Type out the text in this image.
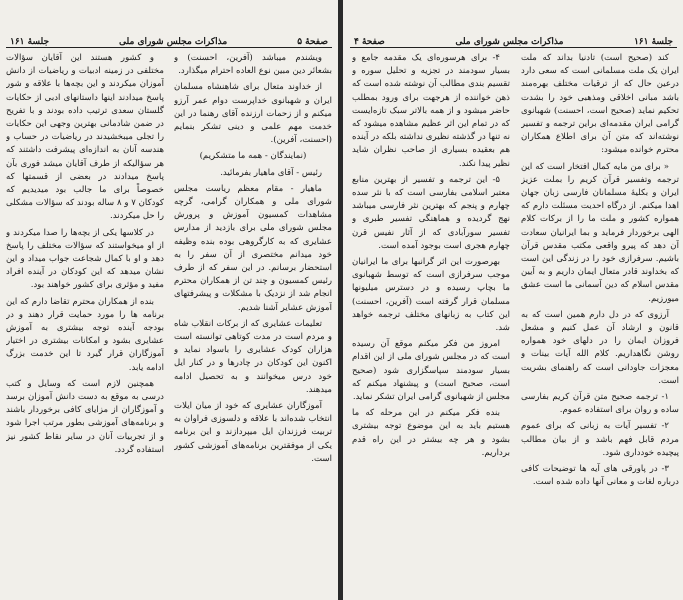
صفحهٔ ۵
مذاکرات مجلس شورای ملی
جلسهٔ ۱۶۱

ویشندم میباشد (آفرین، احسنت) و بشعائر دین مبین نوع العاده احترام میگذارد.

از خداوند متعال برای شاهنشاه مسلمان ایران و شهبانوی خداپرست دوام عمر آرزو میکنم و از زحمات ارزنده آقای رهنما در این خدمت مهم علمی و دینی تشکر بنمایم (احسنت، آفرین).

(نمایندگان - همه ما متشکریم)

رئیس - آقای ماهیار بفرمائید.

ماهیار - مقام معظم ریاست مجلس شورای ملی و همکاران گرامی، گرچه مشاهدات کمسیون آموزش و پرورش مجلس شورای ملی برای بازدید از مدارس عشایری که به کارگروهی بوده بنده وظیفه خود میدانم مختصری از آن سفر را به استحضار برسانم. در این سفر که از طرف رئیس کمسیون و چند تن از همکاران محترم انجام شد از نزدیک با مشکلات و پیشرفتهای آموزش عشایر آشنا شدیم.

تعلیمات عشایری که از برکات انقلاب شاه و مردم است در مدت کوتاهی توانسته است هزاران کودک عشایری را باسواد نماید و اکنون این کودکان در چادرها و در کنار ایل خود درس میخوانند و به تحصیل ادامه میدهند.

آموزگاران عشایری که خود از میان ایلات انتخاب شده‌اند با علاقه و دلسوزی فراوان به تربیت فرزندان ایل میپردازند و این برنامه یکی از موفقترین برنامه‌های آموزشی کشور است.

و کشور هستند این آقایان سؤالات مختلفی در زمینه ادبیات و ریاضیات از دانش آموزان میکردند و این بچه‌ها با علاقه و شور پاسخ میدادند اینها داستانهای ادبی از حکایات گلستان سعدی ترتیب داده بودند و با تفریح در ضمن شادمانی بهترین وجهی این حکایات را تجلی میبخشیدند در ریاضیات در حساب و هندسه آنان به اندازه‌ای پیشرفت داشتند که هر سؤالیکه از طرف آقایان میشد فوری بآن پاسخ میدادند در بعضی از قسمتها که خصوصاً برای ما جالب بود میدیدیم که کودکان ۷ و ۸ ساله بودند که سؤالات مشکلی را حل میکردند.

در کلاسها یکی از بچه‌ها را صدا میکردند و از او میخواستند که سؤالات مختلف را پاسخ دهد و او با کمال شجاعت جواب میداد و این نشان میدهد که این کودکان در آینده افراد مفید و مؤثری برای کشور خواهند بود.

بنده از همکاران محترم تقاضا دارم که این برنامه ها را مورد حمایت قرار دهند و در بودجه آینده توجه بیشتری به آموزش عشایری بشود و امکانات بیشتری در اختیار آموزگاران قرار گیرد تا این خدمت بزرگ ادامه یابد.

همچنین لازم است که وسایل و کتب درسی به موقع به دست دانش آموزان برسد و آموزگاران از مزایای کافی برخوردار باشند و برنامه‌های آموزشی بطور مرتب اجرا شود و از تجربیات آنان در سایر نقاط کشور نیز استفاده گردد.

جلسهٔ ۱۶۱
مذاکرات مجلس شورای ملی
صفحهٔ ۴

کند (صحیح است) تادنیا بداند که ملت ایران یک ملت مسلمانی است که سعی دارد درعین حال که از ترقیات مختلف بهره‌مند باشد مبانی اخلاقی ومذهبی خود را بشدت تحکیم نماید (صحیح است، احسنت) شهبانوی گرامی ایران مقدمه‌ای براین ترجمه و تفسیر نوشته‌اند که متن آن برای اطلاع همکاران محترم خوانده میشود:

« برای من مایه کمال افتخار است که این ترجمه وتفسیر قرآن کریم را بملت عزیز ایران و بکلیهٔ مسلمانان فارسی زبان جهان اهدا میکنم. از درگاه احدیت مسئلت دارم که همواره کشور و ملت ما را از برکات کلام الهی برخوردار فرماید و بما ایرانیان سعادت آن دهد که پیرو واقعی مکتب مقدس قرآن باشیم. سرفرازی خود را در زندگی این است که بخداوند قادر متعال ایمان داریم و به آیین مقدس اسلام که دین آسمانی ما است عشق میورزیم.

آرزوی که در دل دارم همین است که به قانون و ارشاد آن عمل کنیم و مشعل فروزان ایمان را در دلهای خود همواره روشن نگاهداریم. کلام الله آیات بینات و معجزات جاودانی است که راهنمای بشریت است.

۱- ترجمه صحیح متن قرآن کریم بفارسی ساده و روان برای استفاده عموم.

۲- تفسیر آیات به زبانی که برای عموم مردم قابل فهم باشد و از بیان مطالب پیچیده خودداری شود.

۳- در پاورقی های آیه ها توضیحات کافی درباره لغات و معانی آنها داده شده است.

۴- برای هرسوره‌ای یک مقدمه جامع و بسیار سودمند در تجزیه و تحلیل سوره و تقسیم بندی مطالب آن نوشته شده است که ذهن خواننده از هرجهت برای ورود بمطلب حاضر میشود و از همه بالاتر سبک تازه‌ایست که در تمام این اثر عظیم مشاهده میشود که نه تنها در گذشته نظیری نداشته بلکه در آینده هم بعقیده بسیاری از صاحب نظران شاید نظیر پیدا نکند.

۵- این ترجمه و تفسیر از بهترین منابع معتبر اسلامی بفارسی است که با نثر سده چهارم و پنجم که بهترین نثر فارسی میباشد نهج گردیده و هماهنگی تفسیر طبری و تفسیر سورآبادی که از آثار نفیس قرن چهارم هجری است بوجود آمده است.

بهرصورت این اثر گرانبها برای ما ایرانیان موجب سرفرازی است که توسط شهبانوی ما بچاپ رسیده و در دسترس میلیونها مسلمان قرار گرفته است (آفرین، احسنت) این کتاب به زبانهای مختلف ترجمه خواهد شد.

امروز من فکر میکنم موقع آن رسیده است که در مجلس شورای ملی از این اقدام بسیار سودمند سپاسگزاری شود (صحیح است، صحیح است) و پیشنهاد میکنم که مجلس از شهبانوی گرامی ایران تشکر نماید.

بنده فکر میکنم در این مرحله که ما هستیم باید به این موضوع توجه بیشتری بشود و هر چه بیشتر در این راه قدم برداریم.
